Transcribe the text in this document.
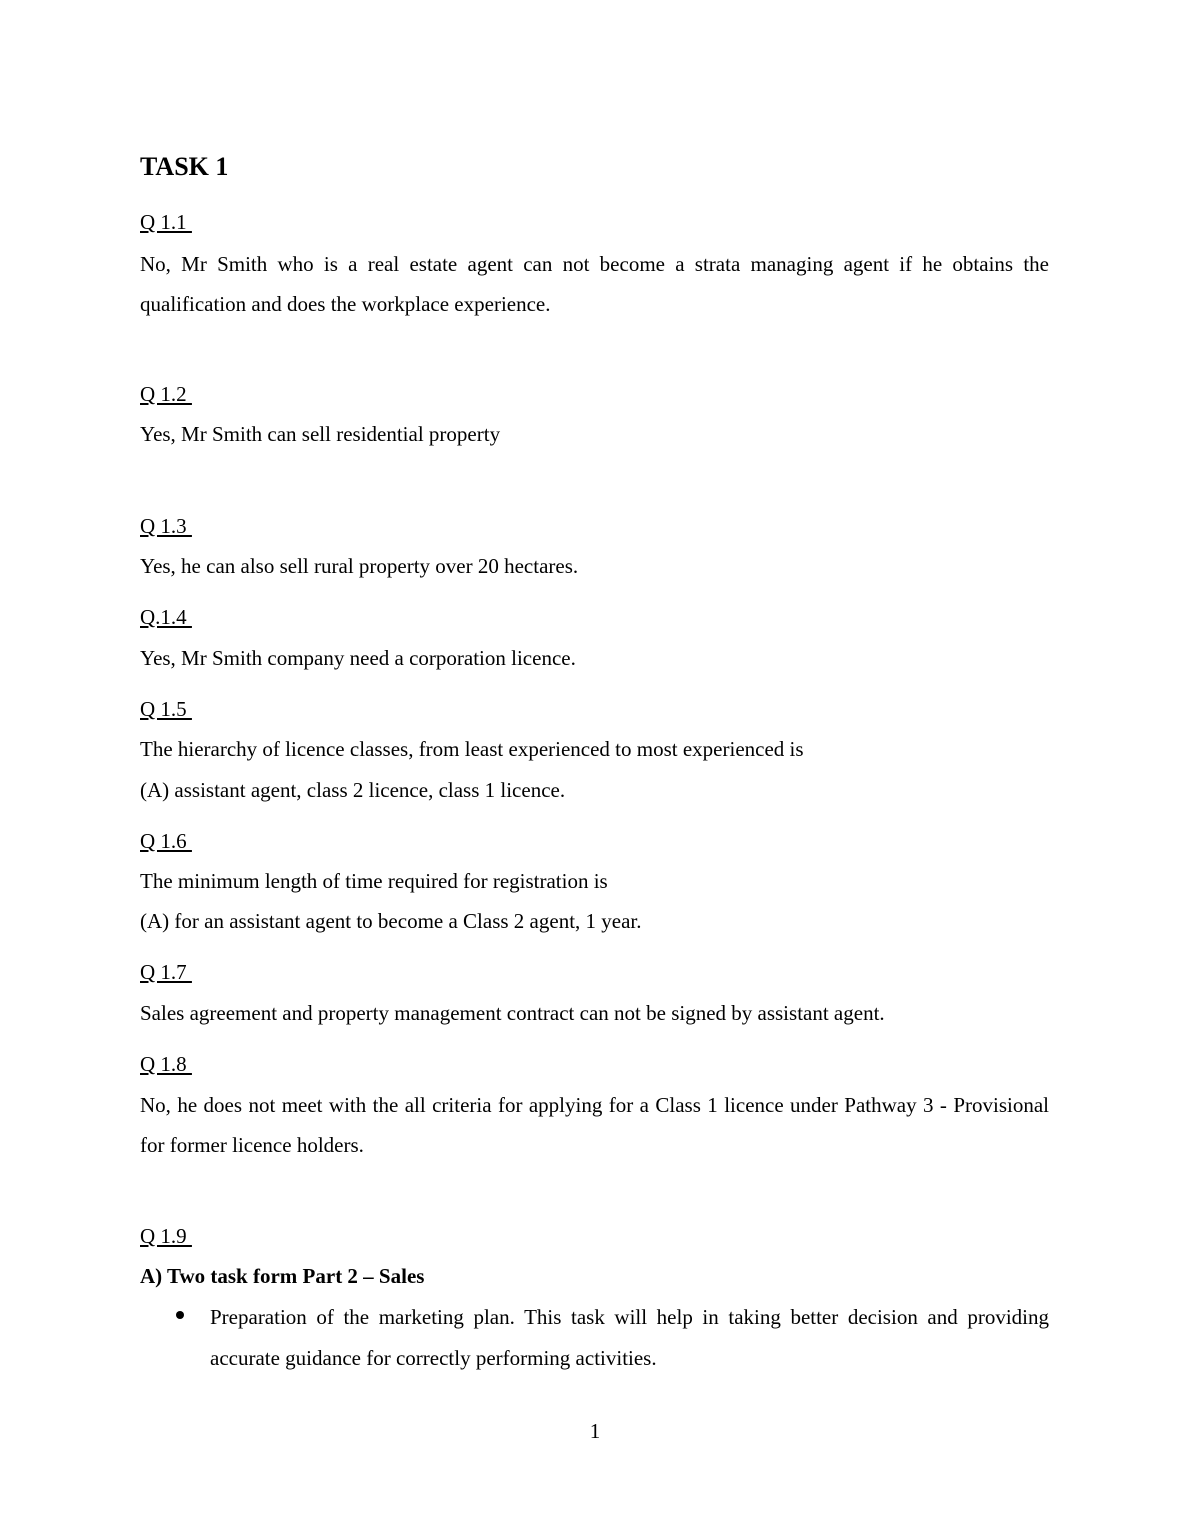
TASK 1
Q 1.1

No, Mr Smith who is a real estate agent can not become a strata managing agent if he obtains the qualification and does the workplace experience.

Q 1.2

Yes, Mr Smith can sell residential property

Q 1.3

Yes, he can also sell rural property over 20 hectares.

Q.1.4

Yes, Mr Smith company need a corporation licence.

Q 1.5

The hierarchy of licence classes, from least experienced to most experienced is

(A) assistant agent, class 2 licence, class 1 licence.

Q 1.6

The minimum length of time required for registration is

(A) for an assistant agent to become a Class 2 agent, 1 year.

Q 1.7

Sales agreement and property management contract can not be signed by assistant agent.

Q 1.8

No, he does not meet with the all criteria for applying for a Class 1 licence under Pathway 3 - Provisional for former licence holders.

Q 1.9

A) Two task form Part 2 – Sales

Preparation of the marketing plan. This task will help in taking better decision and providing accurate guidance for correctly performing activities.

1
